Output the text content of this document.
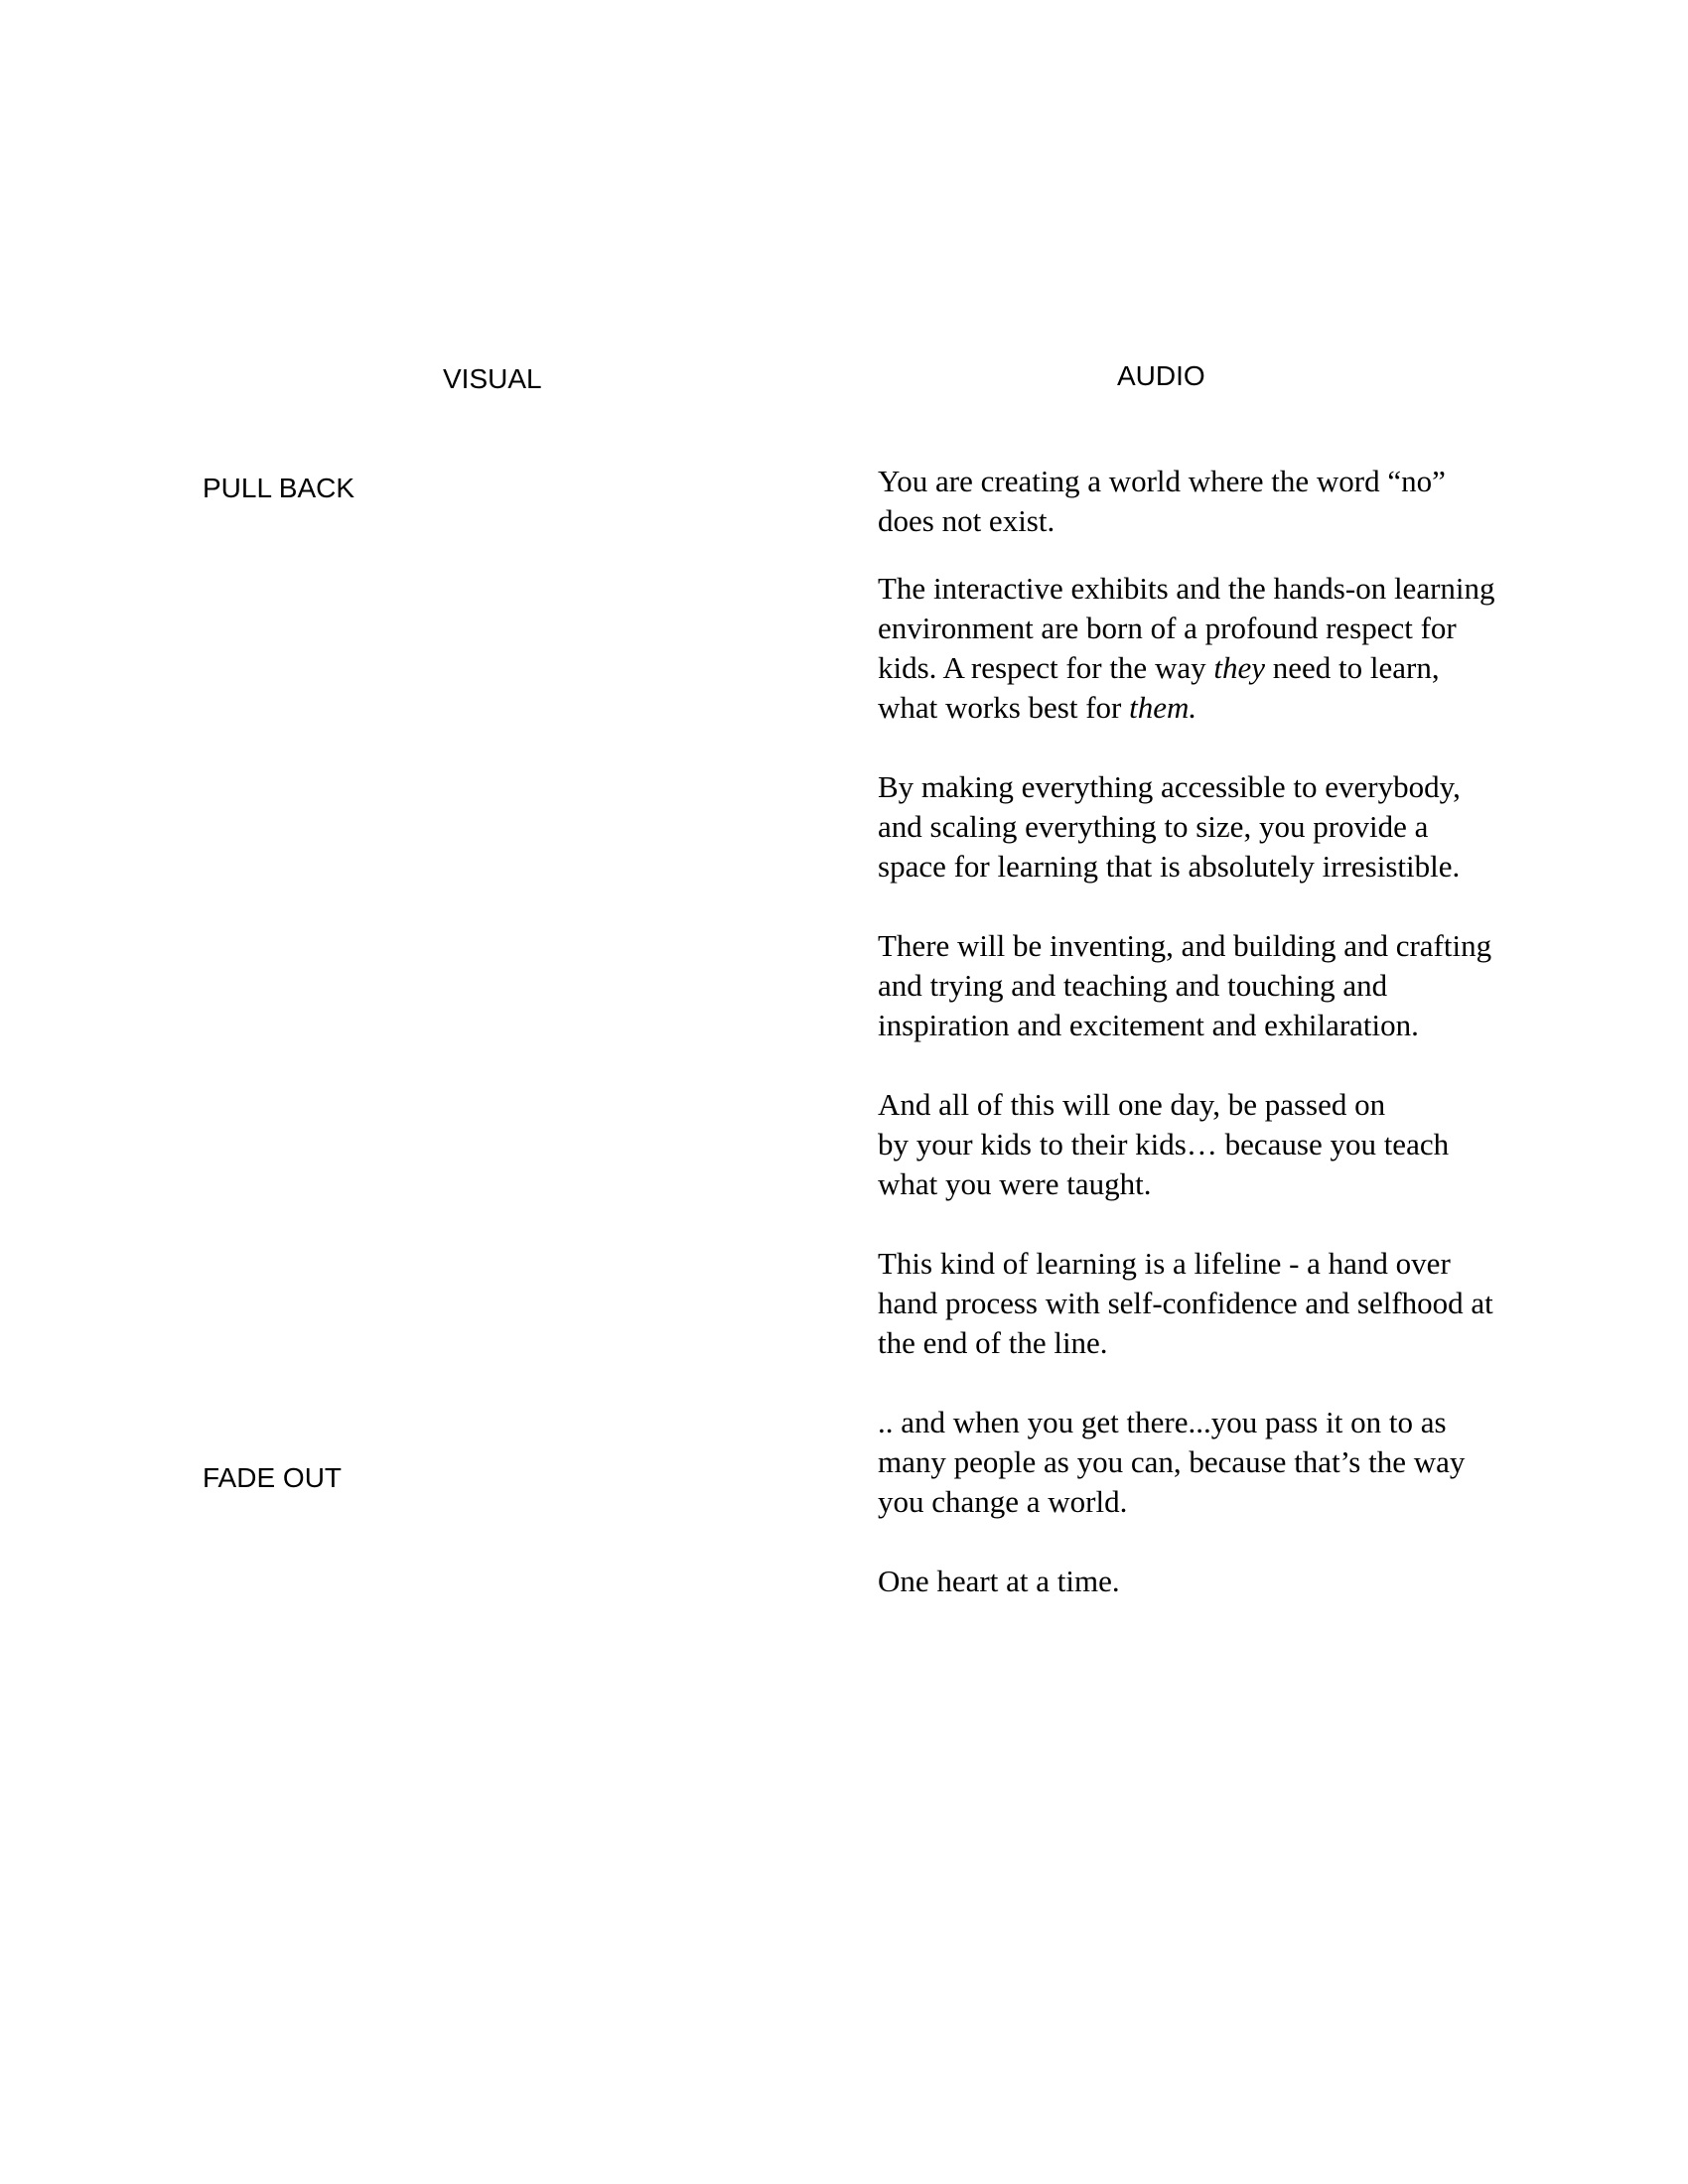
VISUAL	AUDIO
PULL BACK
FADE OUT

You are creating a world where the word “no”

does not exist.

The interactive exhibits and the hands-on learning

environment are born of a profound respect for

kids. A respect for the way they need to learn,

what works best for them.

By making everything accessible to everybody,

and scaling everything to size, you provide a

space for learning that is absolutely irresistible.

There will be inventing, and building and crafting

and trying and teaching and touching and

inspiration and excitement and exhilaration.

And all of this will one day, be passed on

by your kids to their kids… because you teach

what you were taught.

This kind of learning is a lifeline - a hand over

hand process with self-confidence and selfhood at

the end of the line.

.. and when you get there...you pass it on to as

many people as you can, because that’s the way

you change a world.

One heart at a time.
